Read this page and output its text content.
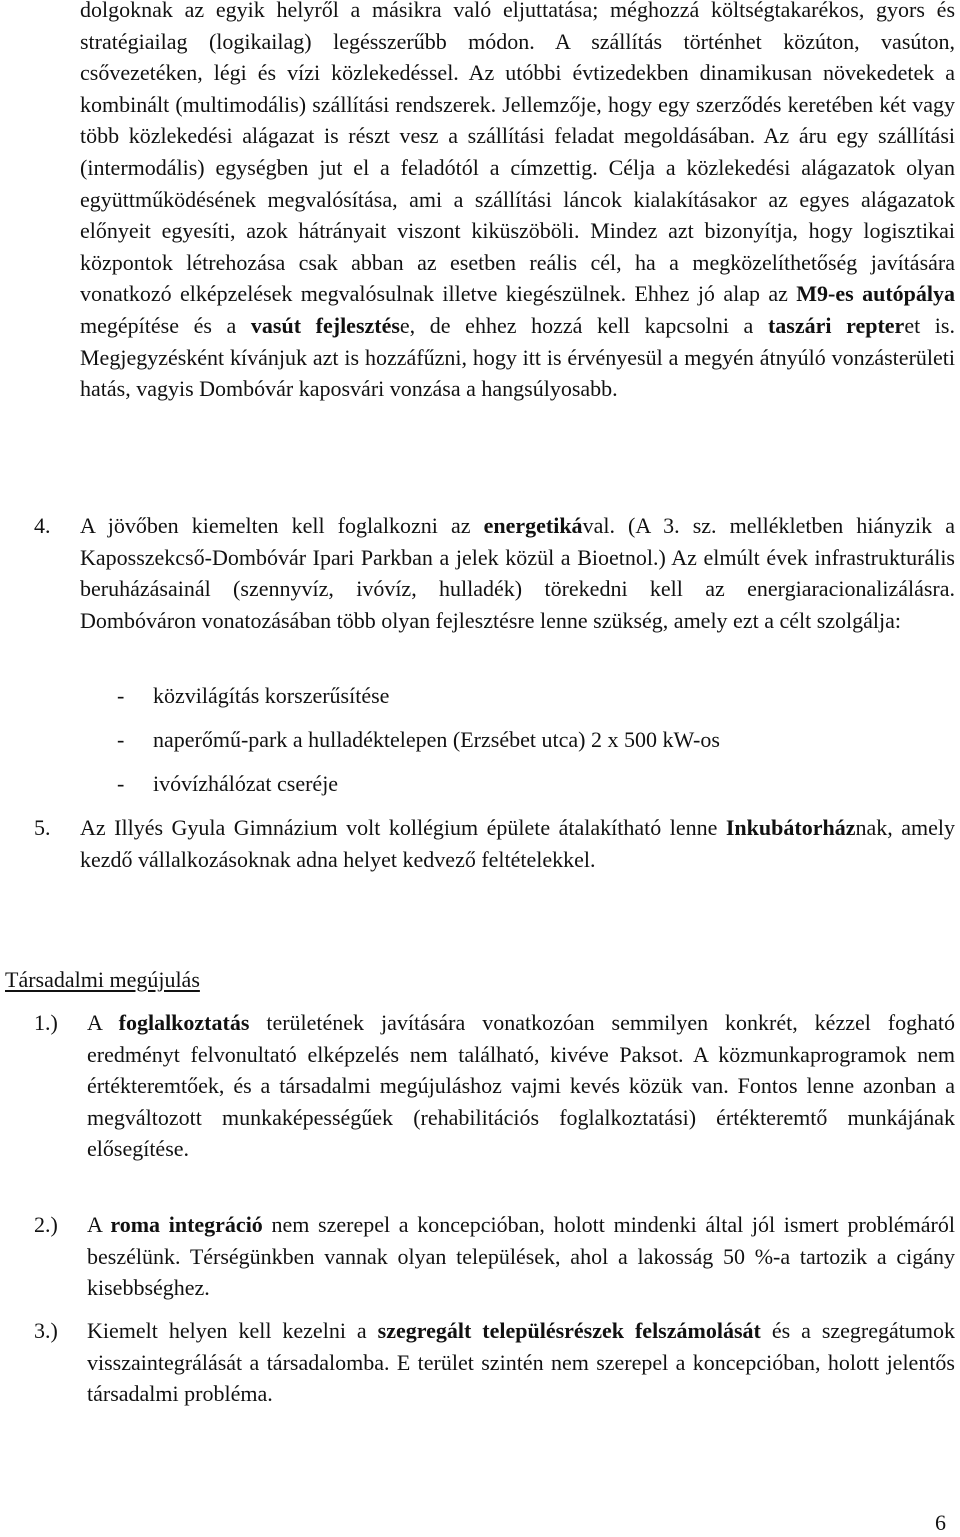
dolgoknak az egyik helyről a másikra való eljuttatása; méghozzá költségtakarékos, gyors és stratégiailag (logikailag) legésszerűbb módon. A szállítás történhet közúton, vasúton, csővezetéken, légi és vízi közlekedéssel. Az utóbbi évtizedekben dinamikusan növekedetek a kombinált (multimodális) szállítási rendszerek. Jellemzője, hogy egy szerződés keretében két vagy több közlekedési alágazat is részt vesz a szállítási feladat megoldásában. Az áru egy szállítási (intermodális) egységben jut el a feladótól a címzettig. Célja a közlekedési alágazatok olyan együttműködésének megvalósítása, ami a szállítási láncok kialakításakor az egyes alágazatok előnyeit egyesíti, azok hátrányait viszont kiküszöböli. Mindez azt bizonyítja, hogy logisztikai központok létrehozása csak abban az esetben reális cél, ha a megközelíthetőség javítására vonatkozó elképzelések megvalósulnak illetve kiegészülnek. Ehhez jó alap az M9-es autópálya megépítése és a vasút fejlesztése, de ehhez hozzá kell kapcsolni a taszári repteret is. Megjegyzésként kívánjuk azt is hozzáfűzni, hogy itt is érvényesül a megyén átnyúló vonzásterületi hatás, vagyis Dombóvár kaposvári vonzása a hangsúlyosabb.

4. A jövőben kiemelten kell foglalkozni az energetikával. (A 3. sz. mellékletben hiányzik a Kaposszekcső-Dombóvár Ipari Parkban a jelek közül a Bioetnol.) Az elmúlt évek infrastrukturális beruházásainál (szennyvíz, ivóvíz, hulladék) törekedni kell az energiaracionalizálásra. Dombóváron vonatozásában több olyan fejlesztésre lenne szükség, amely ezt a célt szolgálja:

- közvilágítás korszerűsítése
- naperőmű-park a hulladéktelepen (Erzsébet utca) 2 x 500 kW-os
- ivóvízhálózat cseréje
5. Az Illyés Gyula Gimnázium volt kollégium épülete átalakítható lenne Inkubátorháznak, amely kezdő vállalkozásoknak adna helyet kedvező feltételekkel.

Társadalmi megújulás
1.) A foglalkoztatás területének javítására vonatkozóan semmilyen konkrét, kézzel fogható eredményt felvonultató elképzelés nem található, kivéve Paksot. A közmunkaprogramok nem értékteremtőek, és a társadalmi megújuláshoz vajmi kevés közük van. Fontos lenne azonban a megváltozott munkaképességűek (rehabilitációs foglalkoztatási) értékteremtő munkájának elősegítése.

2.) A roma integráció nem szerepel a koncepcióban, holott mindenki által jól ismert problémáról beszélünk. Térségünkben vannak olyan települések, ahol a lakosság 50 %-a tartozik a cigány kisebbséghez.

3.) Kiemelt helyen kell kezelni a szegregált településrészek felszámolását és a szegregátumok visszaintegrálását a társadalomba. E terület szintén nem szerepel a koncepcióban, holott jelentős társadalmi probléma.

6
